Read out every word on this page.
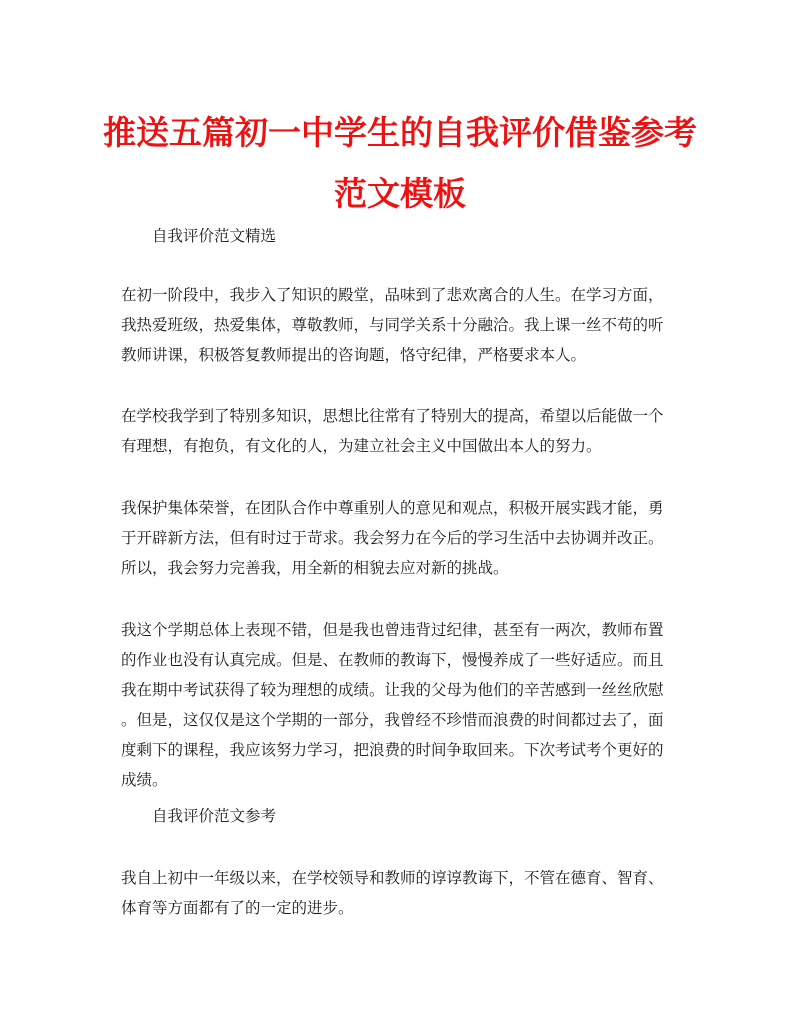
推送五篇初一中学生的自我评价借鉴参考
范文模板
自我评价范文精选
在初一阶段中，我步入了知识的殿堂，品味到了悲欢离合的人生。在学习方面，
我热爱班级，热爱集体，尊敬教师，与同学关系十分融洽。我上课一丝不苟的听
教师讲课，积极答复教师提出的咨询题，恪守纪律，严格要求本人。
在学校我学到了特别多知识，思想比往常有了特别大的提高，希望以后能做一个
有理想，有抱负，有文化的人，为建立社会主义中国做出本人的努力。
我保护集体荣誉，在团队合作中尊重别人的意见和观点，积极开展实践才能，勇
于开辟新方法，但有时过于苛求。我会努力在今后的学习生活中去协调并改正。
所以，我会努力完善我，用全新的相貌去应对新的挑战。
我这个学期总体上表现不错，但是我也曾违背过纪律，甚至有一两次，教师布置
的作业也没有认真完成。但是、在教师的教诲下，慢慢养成了一些好适应。而且
我在期中考试获得了较为理想的成绩。让我的父母为他们的辛苦感到一丝丝欣慰
。但是，这仅仅是这个学期的一部分，我曾经不珍惜而浪费的时间都过去了，面
度剩下的课程，我应该努力学习，把浪费的时间争取回来。下次考试考个更好的
成绩。
自我评价范文参考
我自上初中一年级以来，在学校领导和教师的谆谆教诲下，不管在德育、智育、
体育等方面都有了的一定的进步。
